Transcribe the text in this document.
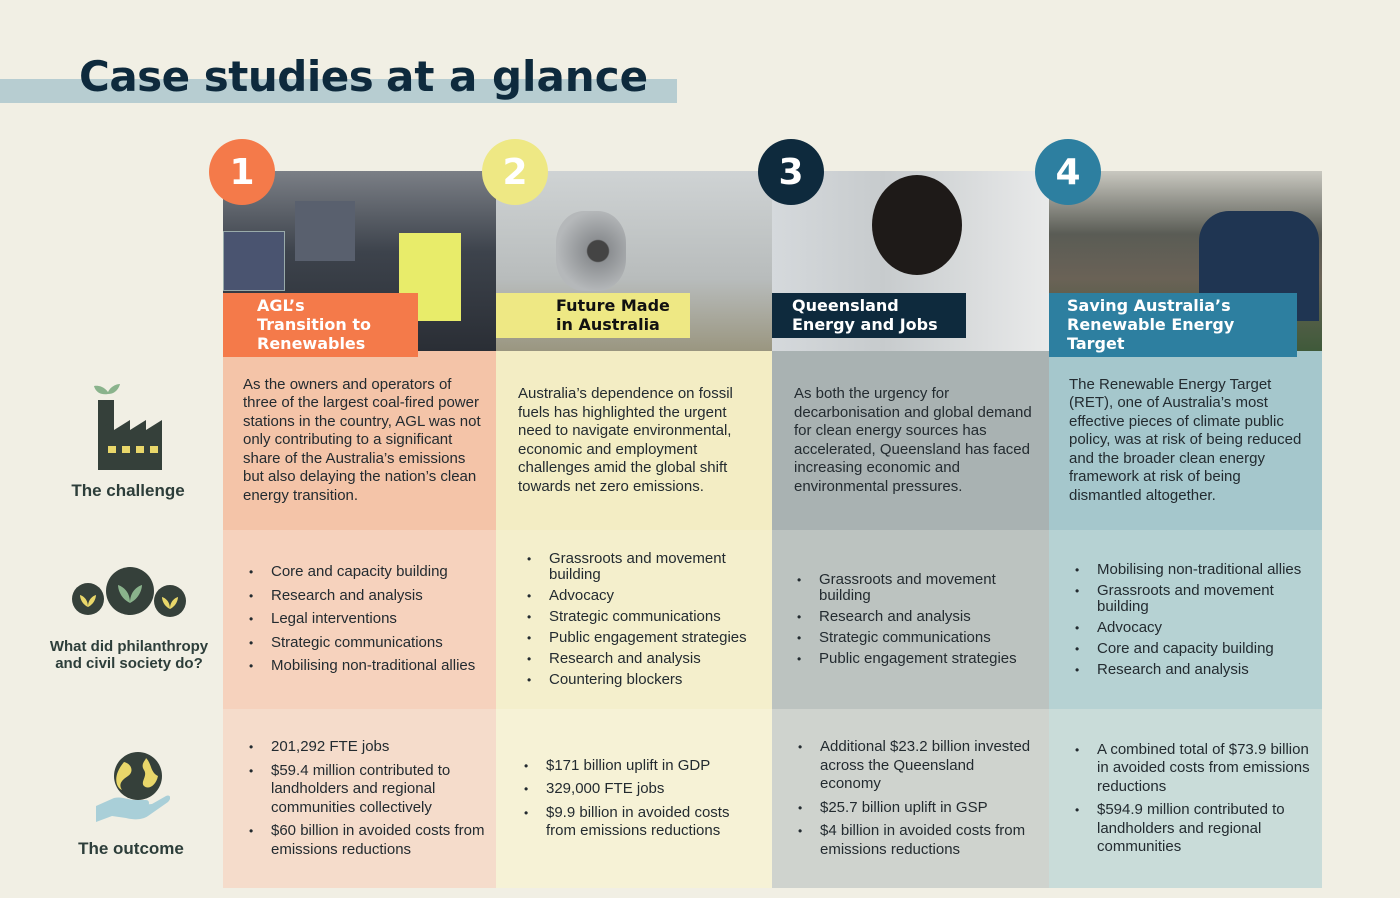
Case studies at a glance
The challenge
What did philanthropy and civil society do?
The outcome
1
AGL’s Transition to Renewables

As the owners and operators of three of the largest coal-fired power stations in the country, AGL was not only contributing to a significant share of the Australia’s emissions but also delaying the nation’s clean energy transition.

• Core and capacity building
• Research and analysis
• Legal interventions
• Strategic communications
• Mobilising non-traditional allies
• 201,292 FTE jobs
• $59.4 million contributed to landholders and regional communities collectively
• $60 billion in avoided costs from emissions reductions
2
Future Made in Australia

Australia’s dependence on fossil fuels has highlighted the urgent need to navigate environmental, economic and employment challenges amid the global shift towards net zero emissions.

• Grassroots and movement building
• Advocacy
• Strategic communications
• Public engagement strategies
• Research and analysis
• Countering blockers
• $171 billion uplift in GDP
• 329,000 FTE jobs
• $9.9 billion in avoided costs from emissions reductions
3
Queensland Energy and Jobs

As both the urgency for decarbonisation and global demand for clean energy sources has accelerated, Queensland has faced increasing economic and environmental pressures.

• Grassroots and movement building
• Research and analysis
• Strategic communications
• Public engagement strategies
• Additional $23.2 billion invested across the Queensland economy
• $25.7 billion uplift in GSP
• $4 billion in avoided costs from emissions reductions
4
Saving Australia’s Renewable Energy Target

The Renewable Energy Target (RET), one of Australia’s most effective pieces of climate public policy, was at risk of being reduced and the broader clean energy framework at risk of being dismantled altogether.

• Mobilising non-traditional allies
• Grassroots and movement building
• Advocacy
• Core and capacity building
• Research and analysis
• A combined total of $73.9 billion in avoided costs from emissions reductions
• $594.9 million contributed to landholders and regional communities
